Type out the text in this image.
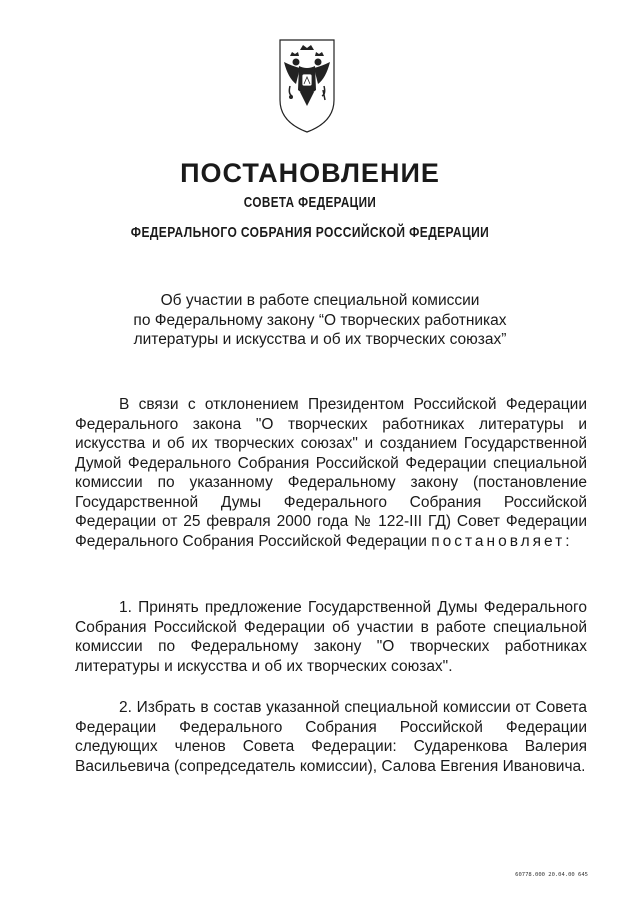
ПОСТАНОВЛЕНИЕ
СОВЕТА ФЕДЕРАЦИИ
ФЕДЕРАЛЬНОГО СОБРАНИЯ РОССИЙСКОЙ ФЕДЕРАЦИИ
Об участии в работе специальной комиссии
по Федеральному закону “О творческих работниках
литературы и искусства и об их творческих союзах”

В связи с отклонением Президентом Российской Федерации Федерального закона "О творческих работниках литературы и искусства и об их творческих союзах" и созданием Государственной Думой Федерального Собрания Российской Федерации специальной комиссии по указанному Федеральному закону (постановление Государственной Думы Федерального Собрания Российской Федерации от 25 февраля 2000 года № 122-III ГД) Совет Федерации Федерального Собрания Российской Федерации постановляет:

1. Принять предложение Государственной Думы Федерального Собрания Российской Федерации об участии в работе специальной комиссии по Федеральному закону "О творческих работниках литературы и искусства и об их творческих союзах".

2. Избрать в состав указанной специальной комиссии от Совета Федерации Федерального Собрания Российской Федерации следующих членов Совета Федерации: Судаpенкова Валерия Васильевича (сопредседатель комиссии), Салова Евгения Ивановича.

60778.000 20.04.00 645
